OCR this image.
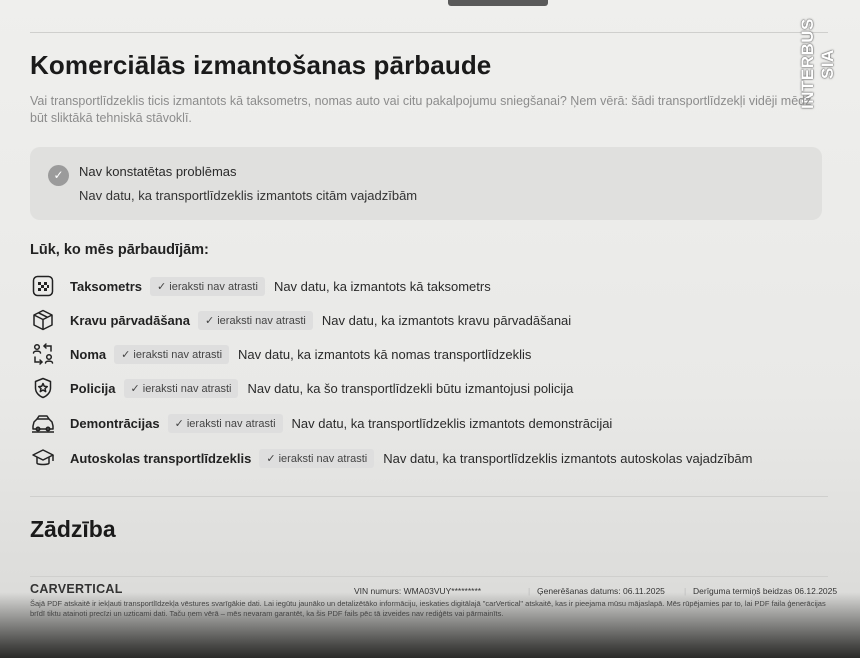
INTERBUS SIA
Komerciālās izmantošanas pārbaude

Vai transportlīdzeklis ticis izmantots kā taksometrs, nomas auto vai citu pakalpojumu sniegšanai? Ņem vērā: šādi transportlīdzekļi vidēji mēdz būt sliktākā tehniskā stāvoklī.

✓	Nav konstatētas problēmas
Nav datu, ka transportlīdzeklis izmantots citām vajadzībām
Lūk, ko mēs pārbaudījām:
Taksometrs	✓ ieraksti nav atrasti	Nav datu, ka izmantots kā taksometrs
Kravu pārvadāšana	✓ ieraksti nav atrasti	Nav datu, ka izmantots kravu pārvadāšanai
Noma	✓ ieraksti nav atrasti	Nav datu, ka izmantots kā nomas transportlīdzeklis
Policija	✓ ieraksti nav atrasti	Nav datu, ka šo transportlīdzekli būtu izmantojusi policija
Demontrācijas	✓ ieraksti nav atrasti	Nav datu, ka transportlīdzeklis izmantots demonstrācijai
Autoskolas transportlīdzeklis	✓ ieraksti nav atrasti	Nav datu, ka transportlīdzeklis izmantots autoskolas vajadzībām
Zādzība
CARVERTICAL	VIN numurs: WMA03VUY*********	| Ģenerēšanas datums: 06.11.2025 | Derīguma termiņš beidzas 06.12.2025
Šajā PDF atskaitē ir iekļauti transportlīdzekļa vēstures svarīgākie dati. Lai iegūtu jaunāko un detalizētāko informāciju, ieskaties digitālajā "carVertical" atskaitē, kas ir pieejama mūsu mājaslapā. Mēs rūpējamies par to, lai PDF faila ģenerācijas brīdī tiktu atainoti precīzi un uzticami dati. Taču ņem vērā – mēs nevaram garantēt, ka šis PDF fails pēc tā izveides nav rediģēts vai pārmainīts.
